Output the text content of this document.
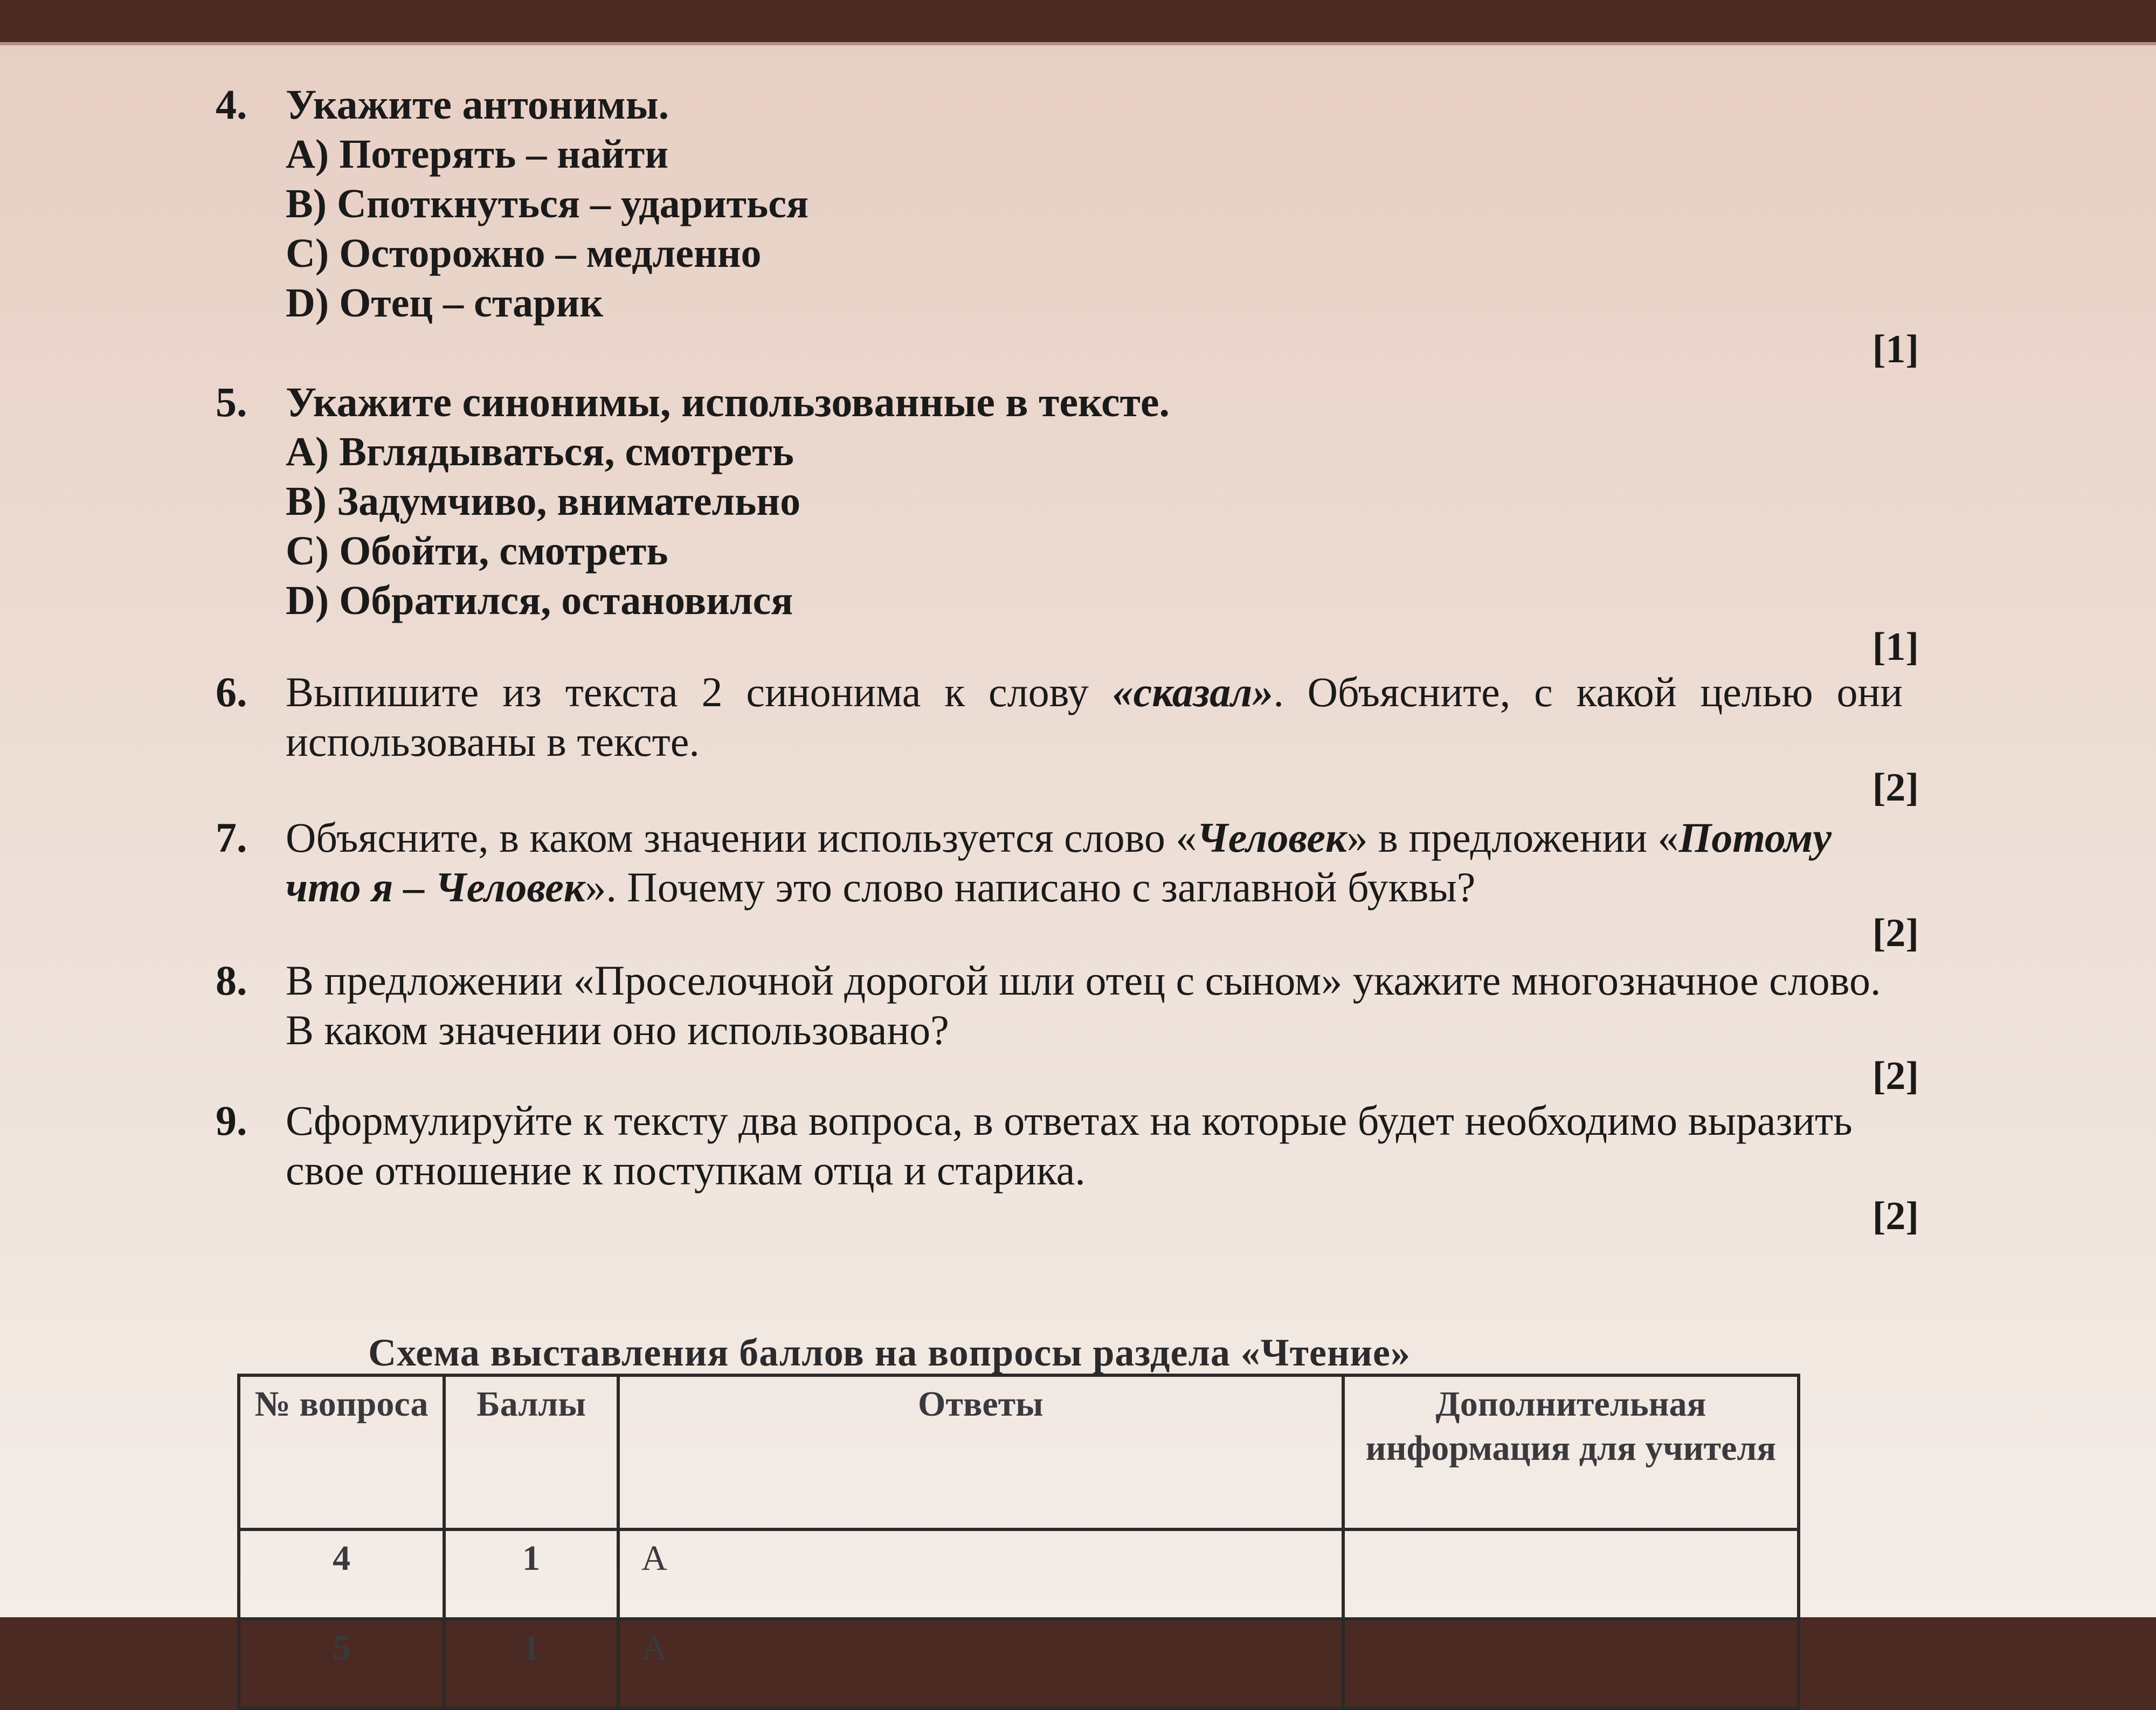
4. Укажите антонимы.
A) Потерять – найти
B) Споткнуться – удариться
C) Осторожно – медленно
D) Отец – старик
[1]
5. Укажите синонимы, использованные в тексте.
A) Вглядываться, смотреть
B) Задумчиво, внимательно
C) Обойти, смотреть
D) Обратился, остановился
[1]
6. Выпишите из текста 2 синонима к слову «сказал». Объясните, с какой целью они использованы в тексте.
[2]
7. Объясните, в каком значении используется слово «Человек» в предложении «Потому что я – Человек». Почему это слово написано с заглавной буквы?
[2]
8. В предложении «Проселочной дорогой шли отец с сыном» укажите многозначное слово. В каком значении оно использовано?
[2]
9. Сформулируйте к тексту два вопроса, в ответах на которые будет необходимо выразить свое отношение к поступкам отца и старика.
[2]
Схема выставления баллов на вопросы раздела «Чтение»
№ вопроса	Баллы	Ответы	Дополнительная информация для учителя
4	1	A	
5	1	A	
